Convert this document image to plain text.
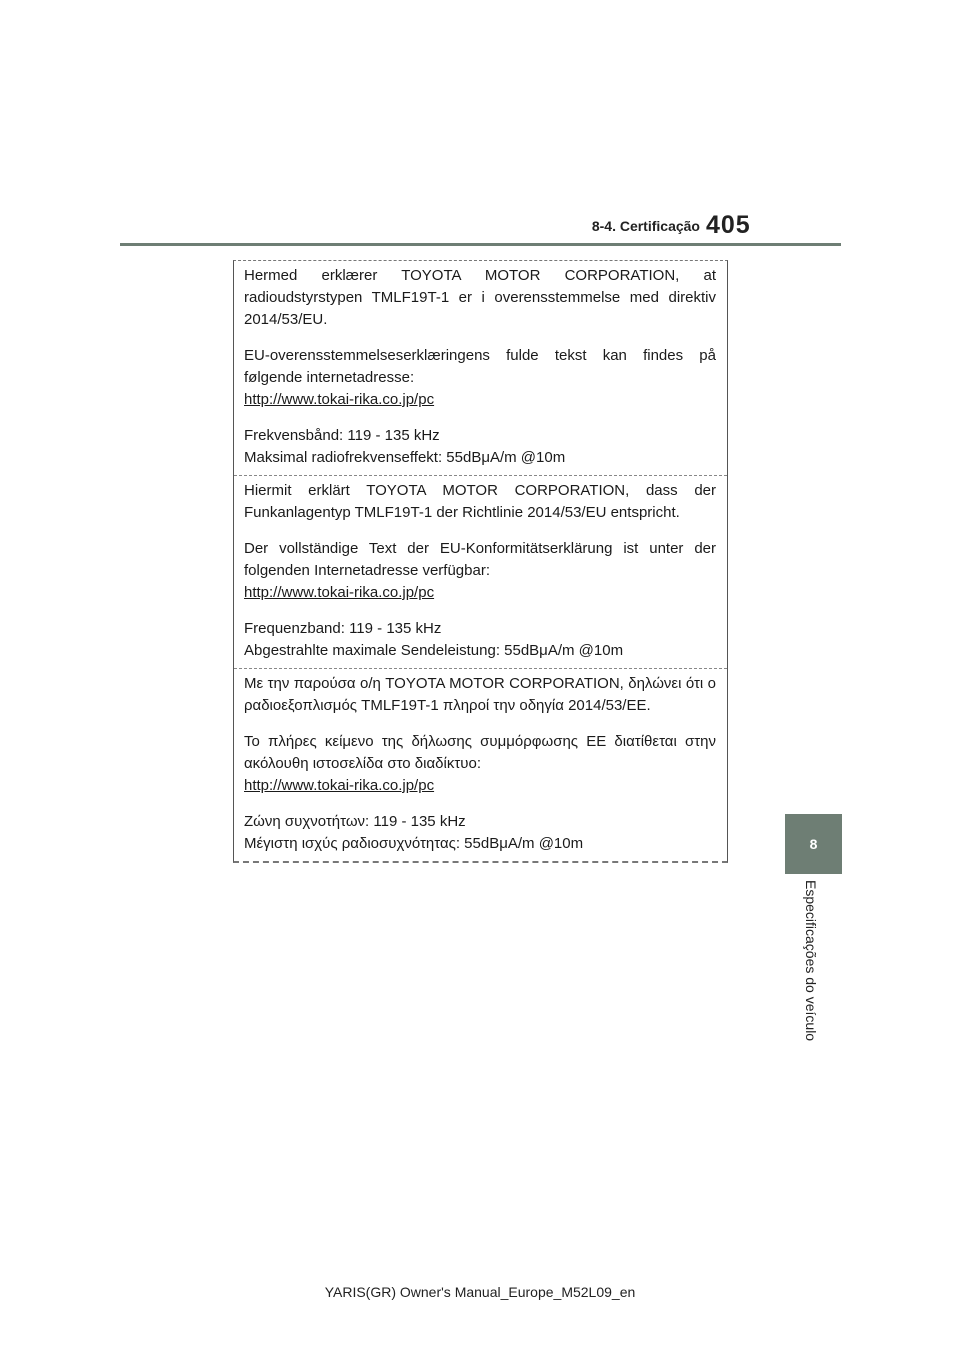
8-4. Certificação 405
8
Especificações do veículo

Hermed erklærer TOYOTA MOTOR CORPORATION, at radioudstyrstypen TMLF19T-1 er i overensstemmelse med direktiv 2014/53/EU.

EU-overensstemmelseserklæringens fulde tekst kan findes på følgende internetadresse:

http://www.tokai-rika.co.jp/pc

Frekvensbånd: 119 - 135 kHz

Maksimal radiofrekvenseffekt: 55dBμA/m @10m

Hiermit erklärt TOYOTA MOTOR CORPORATION, dass der Funkanlagentyp TMLF19T-1 der Richtlinie 2014/53/EU entspricht.

Der vollständige Text der EU-Konformitätserklärung ist unter der folgenden Internetadresse verfügbar:

http://www.tokai-rika.co.jp/pc

Frequenzband: 119 - 135 kHz

Abgestrahlte maximale Sendeleistung: 55dBμA/m @10m

Με την παρούσα ο/η TOYOTA MOTOR CORPORATION, δηλώνει ότι ο ραδιοεξοπλισμός TMLF19T-1 πληροί την οδηγία 2014/53/ΕΕ.

Το πλήρες κείμενο της δήλωσης συμμόρφωσης ΕΕ διατίθεται στην ακόλουθη ιστοσελίδα στο διαδίκτυο:

http://www.tokai-rika.co.jp/pc

Ζώνη συχνοτήτων: 119 - 135 kHz

Μέγιστη ισχύς ραδιοσυχνότητας: 55dBμA/m @10m

YARIS(GR) Owner's Manual_Europe_M52L09_en
